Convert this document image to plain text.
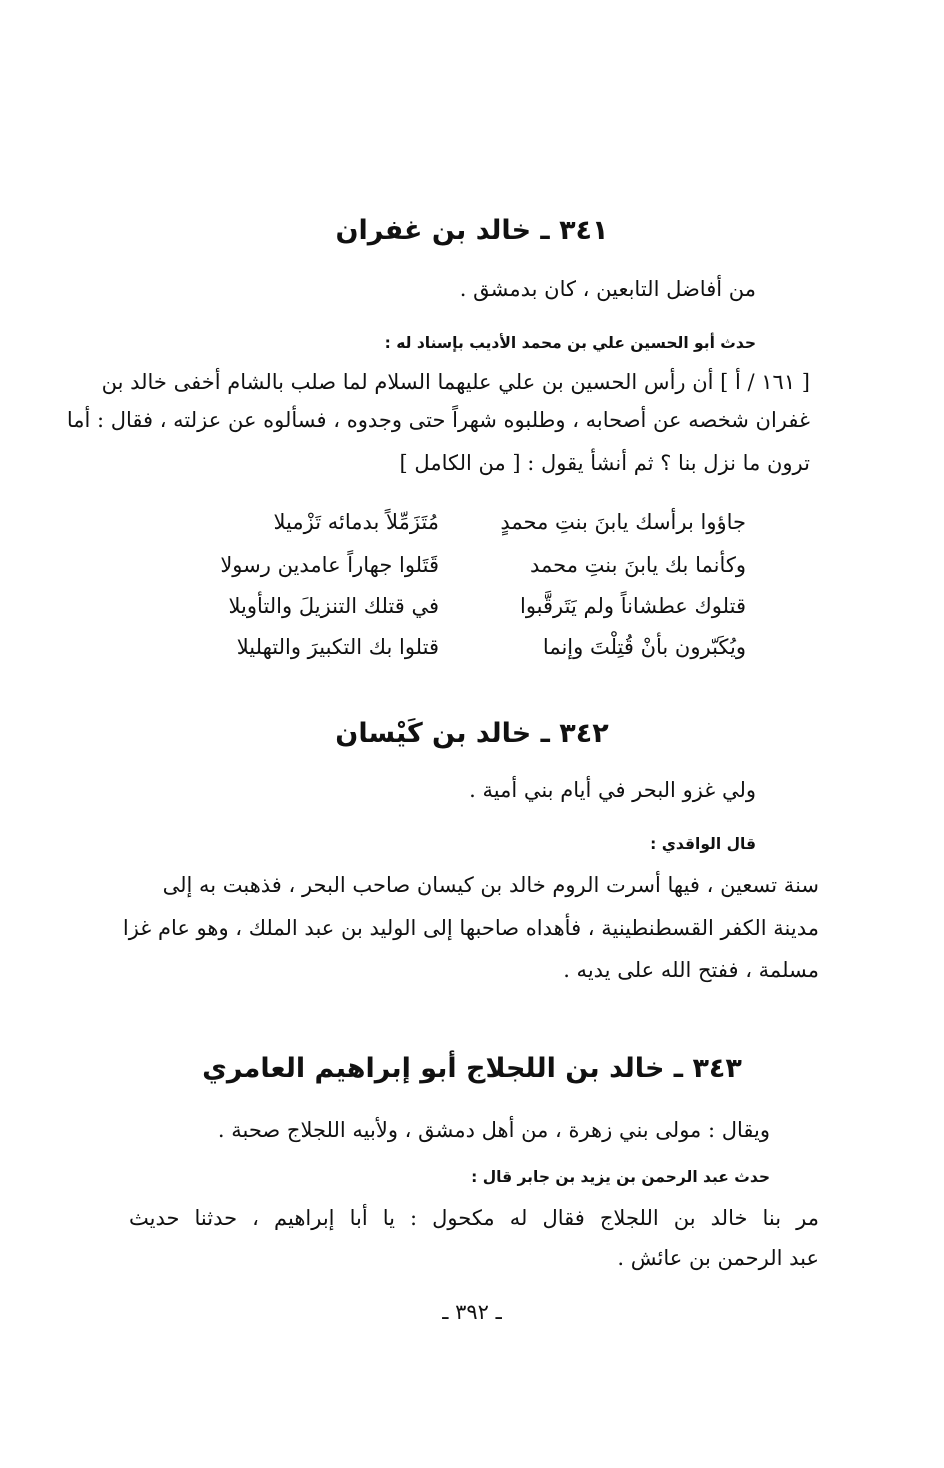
٣٤١ ـ خالد بن غفران
من أفاضل التابعين ، كان بدمشق .
حدث أبو الحسين علي بن محمد الأديب بإسناد له :
[ ١٦١ / أ ] أن رأس الحسين بن علي عليهما السلام لما صلب بالشام أخفى خالد بن
غفران شخصه عن أصحابه ، وطلبوه شهراً حتى وجدوه ، فسألوه عن عزلته ، فقال : أما
ترون ما نزل بنا ؟ ثم أنشأ يقول : [ من الكامل ]
جاؤوا برأسك يابنَ بنتِ محمدٍ
مُتَزَمِّلاً بدمائه تَزْميلا
وكأنما بك يابنَ بنتِ محمد
قَتَلوا جهاراً عامدين رسولا
قتلوك عطشاناً ولم يَتَرقَّبوا
في قتلك التنزيلَ والتأويلا
ويُكَبّرون بأنْ قُتِلْتَ وإنما
قتلوا بك التكبيرَ والتهليلا
٣٤٢ ـ خالد بن كَيْسان
ولي غزو البحر في أيام بني أمية .
قال الواقدي :
سنة تسعين ، فيها أسرت الروم خالد بن كيسان صاحب البحر ، فذهبت به إلى
مدينة الكفر القسطنطينية ، فأهداه صاحبها إلى الوليد بن عبد الملك ، وهو عام غزا
مسلمة ، ففتح الله على يديه .
٣٤٣ ـ خالد بن اللجلاج أبو إبراهيم العامري
ويقال : مولى بني زهرة ، من أهل دمشق ، ولأبيه اللجلاج صحبة .
حدث عبد الرحمن بن يزيد بن جابر قال :
مر بنا خالد بن اللجلاج فقال له مكحول : يا أبا إبراهيم ، حدثنا حديث
عبد الرحمن بن عائش .
ـ ٣٩٢ ـ
